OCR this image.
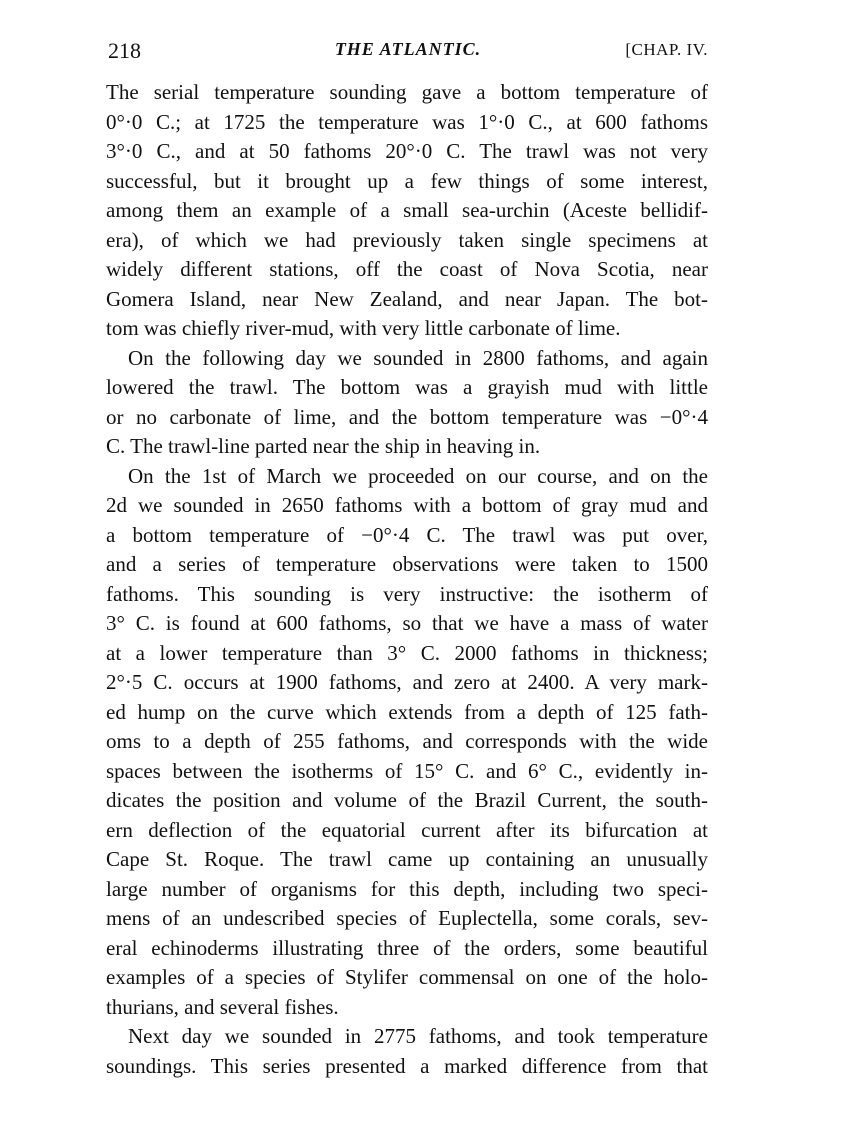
218	THE ATLANTIC.	[CHAP. IV.
The serial temperature sounding gave a bottom temperature of
0°·0 C.; at 1725 the temperature was 1°·0 C., at 600 fathoms
3°·0 C., and at 50 fathoms 20°·0 C. The trawl was not very
successful, but it brought up a few things of some interest,
among them an example of a small sea-urchin (Aceste bellidif-
era), of which we had previously taken single specimens at
widely different stations, off the coast of Nova Scotia, near
Gomera Island, near New Zealand, and near Japan. The bot-
tom was chiefly river-mud, with very little carbonate of lime.
On the following day we sounded in 2800 fathoms, and again
lowered the trawl. The bottom was a grayish mud with little
or no carbonate of lime, and the bottom temperature was −0°·4
C. The trawl-line parted near the ship in heaving in.
On the 1st of March we proceeded on our course, and on the
2d we sounded in 2650 fathoms with a bottom of gray mud and
a bottom temperature of −0°·4 C. The trawl was put over,
and a series of temperature observations were taken to 1500
fathoms. This sounding is very instructive: the isotherm of
3° C. is found at 600 fathoms, so that we have a mass of water
at a lower temperature than 3° C. 2000 fathoms in thickness;
2°·5 C. occurs at 1900 fathoms, and zero at 2400. A very mark-
ed hump on the curve which extends from a depth of 125 fath-
oms to a depth of 255 fathoms, and corresponds with the wide
spaces between the isotherms of 15° C. and 6° C., evidently in-
dicates the position and volume of the Brazil Current, the south-
ern deflection of the equatorial current after its bifurcation at
Cape St. Roque. The trawl came up containing an unusually
large number of organisms for this depth, including two speci-
mens of an undescribed species of Euplectella, some corals, sev-
eral echinoderms illustrating three of the orders, some beautiful
examples of a species of Stylifer commensal on one of the holo-
thurians, and several fishes.
Next day we sounded in 2775 fathoms, and took temperature
soundings. This series presented a marked difference from that
